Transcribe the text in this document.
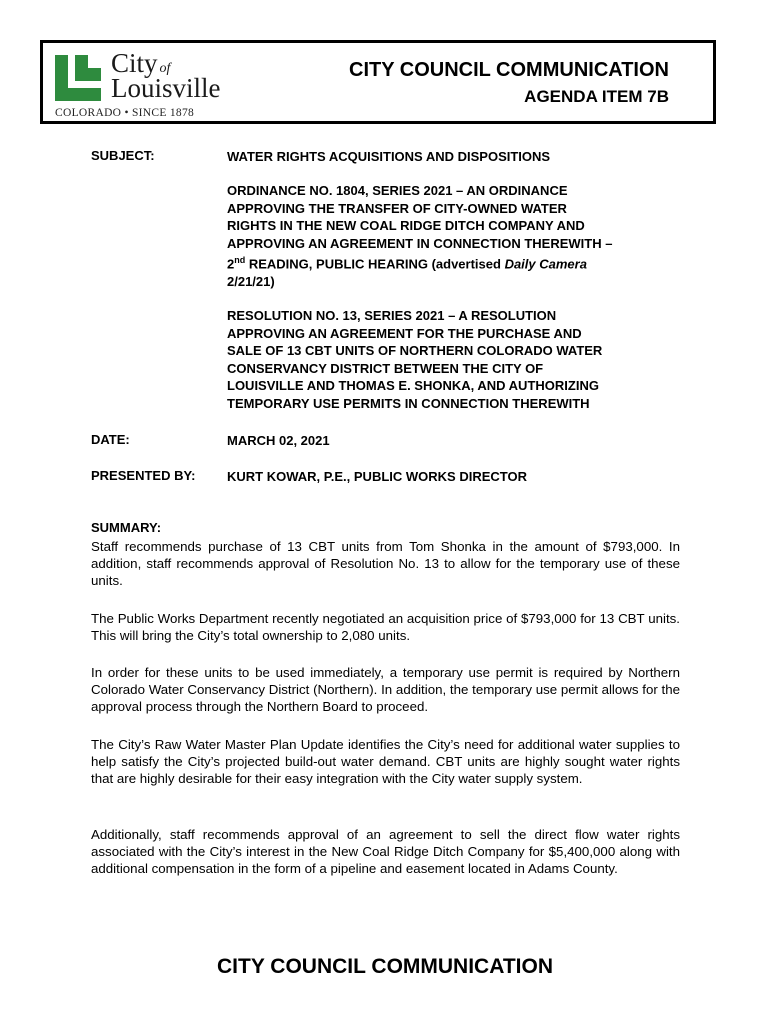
City of
Louisville
COLORADO • SINCE 1878
CITY COUNCIL COMMUNICATION
AGENDA ITEM 7B
SUBJECT:	WATER RIGHTS ACQUISITIONS AND DISPOSITIONS

ORDINANCE NO. 1804, SERIES 2021 – AN ORDINANCE

APPROVING THE TRANSFER OF CITY-OWNED WATER

RIGHTS IN THE NEW COAL RIDGE DITCH COMPANY AND

APPROVING AN AGREEMENT IN CONNECTION THEREWITH –

2nd READING, PUBLIC HEARING (advertised Daily Camera

2/21/21)

RESOLUTION NO. 13, SERIES 2021 – A RESOLUTION

APPROVING AN AGREEMENT FOR THE PURCHASE AND

SALE OF 13 CBT UNITS OF NORTHERN COLORADO WATER

CONSERVANCY DISTRICT BETWEEN THE CITY OF

LOUISVILLE AND THOMAS E. SHONKA, AND AUTHORIZING

TEMPORARY USE PERMITS IN CONNECTION THEREWITH

DATE:	MARCH 02, 2021
PRESENTED BY: KURT KOWAR, P.E., PUBLIC WORKS DIRECTOR
SUMMARY:

Staff recommends purchase of 13 CBT units from Tom Shonka in the amount of $793,000. In addition, staff recommends approval of Resolution No. 13 to allow for the temporary use of these units.

The Public Works Department recently negotiated an acquisition price of $793,000 for 13 CBT units. This will bring the City’s total ownership to 2,080 units.

In order for these units to be used immediately, a temporary use permit is required by Northern Colorado Water Conservancy District (Northern). In addition, the temporary use permit allows for the approval process through the Northern Board to proceed.

The City’s Raw Water Master Plan Update identifies the City’s need for additional water supplies to help satisfy the City’s projected build-out water demand. CBT units are highly sought water rights that are highly desirable for their easy integration with the City water supply system.

Additionally, staff recommends approval of an agreement to sell the direct flow water rights associated with the City’s interest in the New Coal Ridge Ditch Company for $5,400,000 along with additional compensation in the form of a pipeline and easement located in Adams County.

CITY COUNCIL COMMUNICATION
